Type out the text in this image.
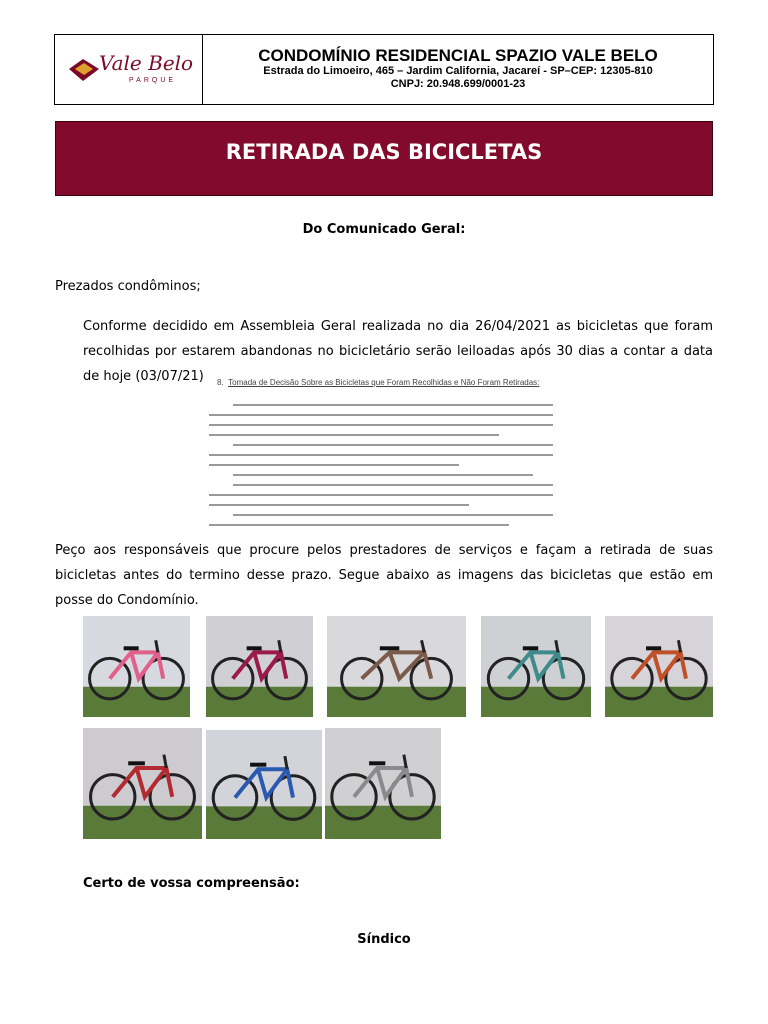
Vale Belo
PARQUE
CONDOMÍNIO RESIDENCIAL SPAZIO VALE BELO
Estrada do Limoeiro, 465 – Jardim California, Jacareí - SP–CEP: 12305-810
CNPJ: 20.948.699/0001-23
RETIRADA DAS BICICLETAS
Do Comunicado Geral:
Prezados condôminos;
Conforme decidido em Assembleia Geral realizada no dia 26/04/2021 as bicicletas que foram recolhidas por estarem abandonas no bicicletário serão leiloadas após 30 dias a contar a data de hoje (03/07/21)	8. Tomada de Decisão Sobre as Bicicletas que Foram Recolhidas e Não Foram Retiradas:
Peço aos responsáveis que procure pelos prestadores de serviços e façam a retirada de suas bicicletas antes do termino desse prazo. Segue abaixo as imagens das bicicletas que estão em posse do Condomínio.
Certo de vossa compreensão:
Síndico
